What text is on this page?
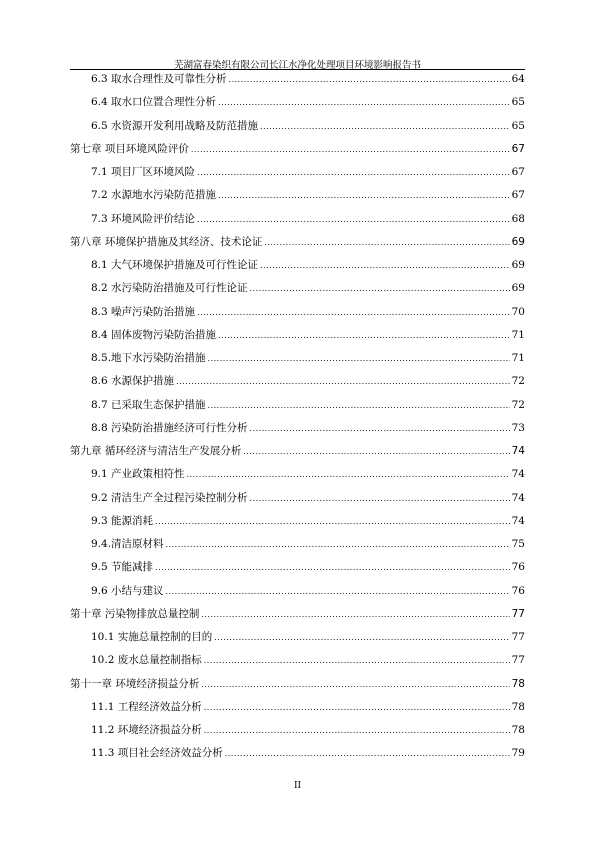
芜湖富春染织有限公司长江水净化处理项目环境影响报告书
6.3 取水合理性及可靠性分析 .....	64
6.4 取水口位置合理性分析 .....	65
6.5 水资源开发利用战略及防范措施 .....	65
第七章 项目环境风险评价 .....	67
7.1 项目厂区环境风险 .....	67
7.2 水源地水污染防范措施 .....	67
7.3 环境风险评价结论 .....	68
第八章 环境保护措施及其经济、技术论证 .....	69
8.1 大气环境保护措施及可行性论证 .....	69
8.2 水污染防治措施及可行性论证 .....	69
8.3 噪声污染防治措施 .....	70
8.4 固体废物污染防治措施 .....	71
8.5.地下水污染防治措施 .....	71
8.6 水源保护措施 .....	72
8.7 已采取生态保护措施 .....	72
8.8 污染防治措施经济可行性分析 .....	73
第九章 循环经济与清洁生产发展分析 .....	74
9.1 产业政策相符性 .....	74
9.2 清洁生产全过程污染控制分析 .....	74
9.3 能源消耗 .....	74
9.4.清洁原材料 .....	75
9.5 节能减排 .....	76
9.6 小结与建议 .....	76
第十章 污染物排放总量控制 .....	77
10.1 实施总量控制的目的 .....	77
10.2 废水总量控制指标 .....	77
第十一章 环境经济损益分析 .....	78
11.1 工程经济效益分析 .....	78
11.2 环境经济损益分析 .....	78
11.3 项目社会经济效益分析 .....	79
II
